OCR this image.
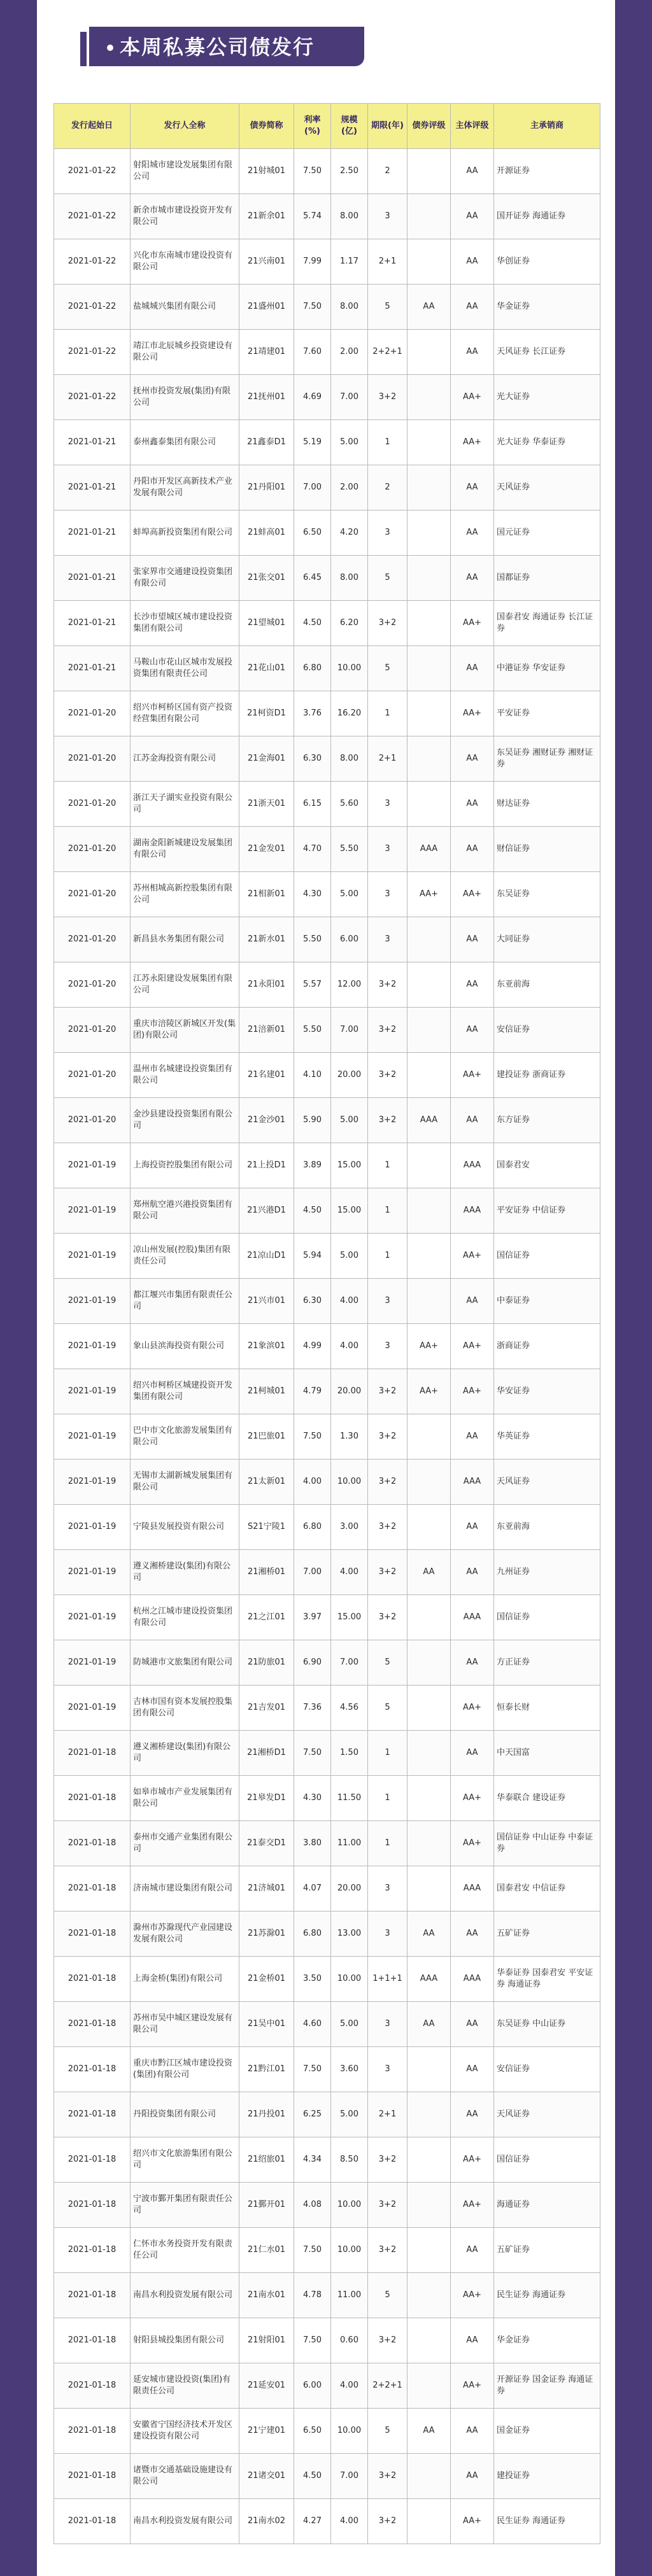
本周私募公司债发行
发行起始日	发行人全称	债券简称	利率(%)	规模(亿)	期限(年)	债券评级	主体评级	主承销商
2021-01-22	射阳城市建设发展集团有限公司	21射城01	7.50	2.50	2		AA	开源证券
2021-01-22	新余市城市建设投资开发有限公司	21新余01	5.74	8.00	3		AA	国开证券 海通证券
2021-01-22	兴化市东南城市建设投资有限公司	21兴南01	7.99	1.17	2+1		AA	华创证券
2021-01-22	盐城城兴集团有限公司	21盛州01	7.50	8.00	5	AA	AA	华金证券
2021-01-22	靖江市北辰城乡投资建设有限公司	21靖建01	7.60	2.00	2+2+1		AA	天风证券 长江证券
2021-01-22	抚州市投资发展(集团)有限公司	21抚州01	4.69	7.00	3+2		AA+	光大证券
2021-01-21	泰州鑫泰集团有限公司	21鑫泰D1	5.19	5.00	1		AA+	光大证券 华泰证券
2021-01-21	丹阳市开发区高新技术产业发展有限公司	21丹阳01	7.00	2.00	2		AA	天风证券
2021-01-21	蚌埠高新投资集团有限公司	21蚌高01	6.50	4.20	3		AA	国元证券
2021-01-21	张家界市交通建设投资集团有限公司	21张交01	6.45	8.00	5		AA	国都证券
2021-01-21	长沙市望城区城市建设投资集团有限公司	21望城01	4.50	6.20	3+2		AA+	国泰君安 海通证券 长江证券
2021-01-21	马鞍山市花山区城市发展投资集团有限责任公司	21花山01	6.80	10.00	5		AA	中港证券 华安证券
2021-01-20	绍兴市柯桥区国有资产投资经营集团有限公司	21柯资D1	3.76	16.20	1		AA+	平安证券
2021-01-20	江苏金海投资有限公司	21金海01	6.30	8.00	2+1		AA	东吴证券 湘财证券 湘财证券
2021-01-20	浙江天子湖实业投资有限公司	21浙天01	6.15	5.60	3		AA	财达证券
2021-01-20	湖南金阳新城建设发展集团有限公司	21金发01	4.70	5.50	3	AAA	AA	财信证券
2021-01-20	苏州相城高新控股集团有限公司	21相新01	4.30	5.00	3	AA+	AA+	东吴证券
2021-01-20	新昌县水务集团有限公司	21新水01	5.50	6.00	3		AA	大同证券
2021-01-20	江苏永阳建设发展集团有限公司	21永阳01	5.57	12.00	3+2		AA	东亚前海
2021-01-20	重庆市涪陵区新城区开发(集团)有限公司	21涪新01	5.50	7.00	3+2		AA	安信证券
2021-01-20	温州市名城建设投资集团有限公司	21名建01	4.10	20.00	3+2		AA+	建投证券 浙商证券
2021-01-20	金沙县建设投资集团有限公司	21金沙01	5.90	5.00	3+2	AAA	AA	东方证券
2021-01-19	上海投资控股集团有限公司	21上投D1	3.89	15.00	1		AAA	国泰君安
2021-01-19	郑州航空港兴港投资集团有限公司	21兴港D1	4.50	15.00	1		AAA	平安证券 中信证券
2021-01-19	凉山州发展(控股)集团有限责任公司	21凉山D1	5.94	5.00	1		AA+	国信证券
2021-01-19	都江堰兴市集团有限责任公司	21兴市01	6.30	4.00	3		AA	中泰证券
2021-01-19	象山县滨海投资有限公司	21象滨01	4.99	4.00	3	AA+	AA+	浙商证券
2021-01-19	绍兴市柯桥区城建投资开发集团有限公司	21柯城01	4.79	20.00	3+2	AA+	AA+	华安证券
2021-01-19	巴中市文化旅游发展集团有限公司	21巴旅01	7.50	1.30	3+2		AA	华英证券
2021-01-19	无锡市太湖新城发展集团有限公司	21太新01	4.00	10.00	3+2		AAA	天风证券
2021-01-19	宁陵县发展投资有限公司	S21宁陵1	6.80	3.00	3+2		AA	东亚前海
2021-01-19	遵义湘桥建设(集团)有限公司	21湘桥01	7.00	4.00	3+2	AA	AA	九州证券
2021-01-19	杭州之江城市建设投资集团有限公司	21之江01	3.97	15.00	3+2		AAA	国信证券
2021-01-19	防城港市文旅集团有限公司	21防旅01	6.90	7.00	5		AA	方正证券
2021-01-19	吉林市国有资本发展控股集团有限公司	21吉发01	7.36	4.56	5		AA+	恒泰长财
2021-01-18	遵义湘桥建设(集团)有限公司	21湘桥D1	7.50	1.50	1		AA	中天国富
2021-01-18	如皋市城市产业发展集团有限公司	21皋发D1	4.30	11.50	1		AA+	华泰联合 建设证券
2021-01-18	泰州市交通产业集团有限公司	21泰交D1	3.80	11.00	1		AA+	国信证券 中山证券 中泰证券
2021-01-18	济南城市建设集团有限公司	21济城01	4.07	20.00	3		AAA	国泰君安 中信证券
2021-01-18	滁州市苏滁现代产业园建设发展有限公司	21苏滁01	6.80	13.00	3	AA	AA	五矿证券
2021-01-18	上海金桥(集团)有限公司	21金桥01	3.50	10.00	1+1+1	AAA	AAA	华泰证券 国泰君安 平安证券 海通证券
2021-01-18	苏州市吴中城区建设发展有限公司	21吴中01	4.60	5.00	3	AA	AA	东吴证券 中山证券
2021-01-18	重庆市黔江区城市建设投资(集团)有限公司	21黔江01	7.50	3.60	3		AA	安信证券
2021-01-18	丹阳投资集团有限公司	21丹投01	6.25	5.00	2+1		AA	天风证券
2021-01-18	绍兴市文化旅游集团有限公司	21绍旅01	4.34	8.50	3+2		AA+	国信证券
2021-01-18	宁波市鄞开集团有限责任公司	21鄞开01	4.08	10.00	3+2		AA+	海通证券
2021-01-18	仁怀市水务投资开发有限责任公司	21仁水01	7.50	10.00	3+2		AA	五矿证券
2021-01-18	南昌水利投资发展有限公司	21南水01	4.78	11.00	5		AA+	民生证券 海通证券
2021-01-18	射阳县城投集团有限公司	21射阳01	7.50	0.60	3+2		AA	华金证券
2021-01-18	延安城市建设投资(集团)有限责任公司	21延安01	6.00	4.00	2+2+1		AA+	开源证券 国金证券 海通证券
2021-01-18	安徽省宁国经济技术开发区建设投资有限公司	21宁建01	6.50	10.00	5	AA	AA	国金证券
2021-01-18	诸暨市交通基础设施建设有限公司	21诸交01	4.50	7.00	3+2		AA	建投证券
2021-01-18	南昌水利投资发展有限公司	21南水02	4.27	4.00	3+2		AA+	民生证券 海通证券
